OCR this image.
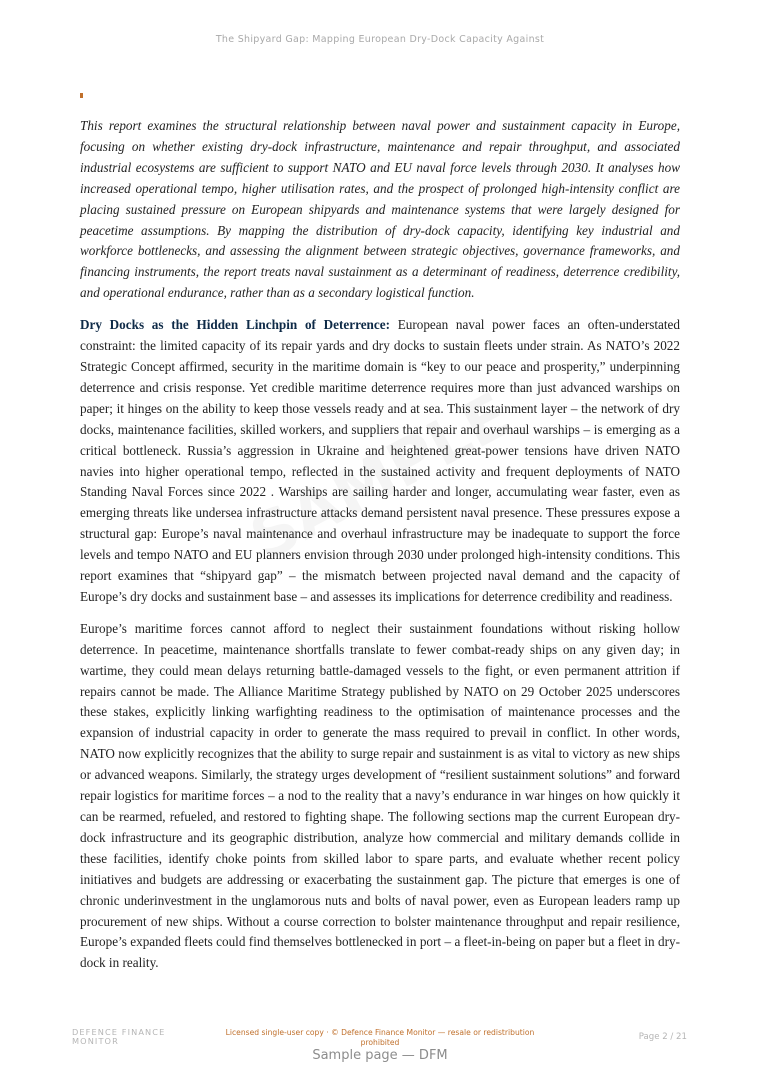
The Shipyard Gap: Mapping European Dry-Dock Capacity Against

This report examines the structural relationship between naval power and sustainment capacity in Europe, focusing on whether existing dry-dock infrastructure, maintenance and repair throughput, and associated industrial ecosystems are sufficient to support NATO and EU naval force levels through 2030. It analyses how increased operational tempo, higher utilisation rates, and the prospect of prolonged high-intensity conflict are placing sustained pressure on European shipyards and maintenance systems that were largely designed for peacetime assumptions. By mapping the distribution of dry-dock capacity, identifying key industrial and workforce bottlenecks, and assessing the alignment between strategic objectives, governance frameworks, and financing instruments, the report treats naval sustainment as a determinant of readiness, deterrence credibility, and operational endurance, rather than as a secondary logistical function.

Dry Docks as the Hidden Linchpin of Deterrence: European naval power faces an often-understated constraint: the limited capacity of its repair yards and dry docks to sustain fleets under strain. As NATO’s 2022 Strategic Concept affirmed, security in the maritime domain is “key to our peace and prosperity,” underpinning deterrence and crisis response. Yet credible maritime deterrence requires more than just advanced warships on paper; it hinges on the ability to keep those vessels ready and at sea. This sustainment layer – the network of dry docks, maintenance facilities, skilled workers, and suppliers that repair and overhaul warships – is emerging as a critical bottleneck. Russia’s aggression in Ukraine and heightened great-power tensions have driven NATO navies into higher operational tempo, reflected in the sustained activity and frequent deployments of NATO Standing Naval Forces since 2022 . Warships are sailing harder and longer, accumulating wear faster, even as emerging threats like undersea infrastructure attacks demand persistent naval presence. These pressures expose a structural gap: Europe’s naval maintenance and overhaul infrastructure may be inadequate to support the force levels and tempo NATO and EU planners envision through 2030 under prolonged high-intensity conditions. This report examines that “shipyard gap” – the mismatch between projected naval demand and the capacity of Europe’s dry docks and sustainment base – and assesses its implications for deterrence credibility and readiness.

Europe’s maritime forces cannot afford to neglect their sustainment foundations without risking hollow deterrence. In peacetime, maintenance shortfalls translate to fewer combat-ready ships on any given day; in wartime, they could mean delays returning battle-damaged vessels to the fight, or even permanent attrition if repairs cannot be made. The Alliance Maritime Strategy published by NATO on 29 October 2025 underscores these stakes, explicitly linking warfighting readiness to the optimisation of maintenance processes and the expansion of industrial capacity in order to generate the mass required to prevail in conflict. In other words, NATO now explicitly recognizes that the ability to surge repair and sustainment is as vital to victory as new ships or advanced weapons. Similarly, the strategy urges development of “resilient sustainment solutions” and forward repair logistics for maritime forces – a nod to the reality that a navy’s endurance in war hinges on how quickly it can be rearmed, refueled, and restored to fighting shape. The following sections map the current European dry-dock infrastructure and its geographic distribution, analyze how commercial and military demands collide in these facilities, identify choke points from skilled labor to spare parts, and evaluate whether recent policy initiatives and budgets are addressing or exacerbating the sustainment gap. The picture that emerges is one of chronic underinvestment in the unglamorous nuts and bolts of naval power, even as European leaders ramp up procurement of new ships. Without a course correction to bolster maintenance throughput and repair resilience, Europe’s expanded fleets could find themselves bottlenecked in port – a fleet-in-being on paper but a fleet in dry-dock in reality.

DEFENCE FINANCE
MONITOR
Licensed single-user copy · © Defence Finance Monitor — resale or redistribution prohibited	Page 2 / 21
Sample page — DFM
